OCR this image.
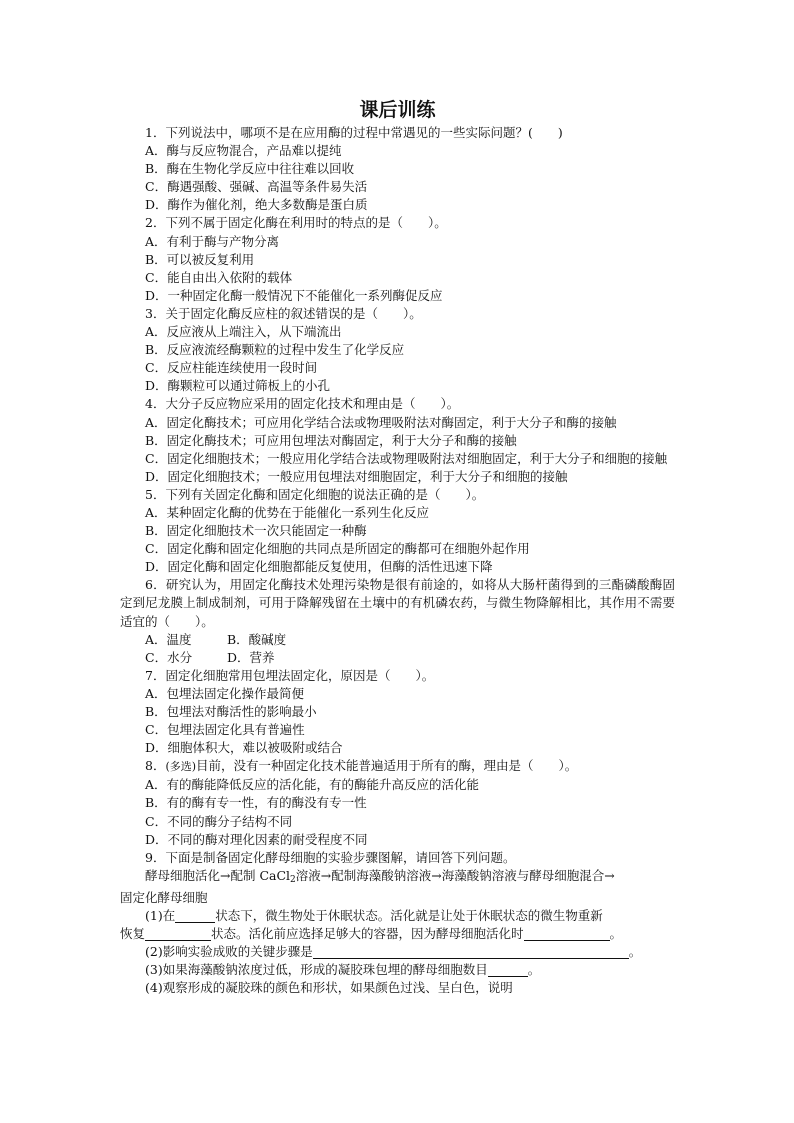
课后训练
1．下列说法中，哪项不是在应用酶的过程中常遇见的一些实际问题？(　　)
A．酶与反应物混合，产品难以提纯
B．酶在生物化学反应中往往难以回收
C．酶遇强酸、强碱、高温等条件易失活
D．酶作为催化剂，绝大多数酶是蛋白质
2．下列不属于固定化酶在利用时的特点的是（　　）。
A．有利于酶与产物分离
B．可以被反复利用
C．能自由出入依附的载体
D．一种固定化酶一般情况下不能催化一系列酶促反应
3．关于固定化酶反应柱的叙述错误的是（　　）。
A．反应液从上端注入，从下端流出
B．反应液流经酶颗粒的过程中发生了化学反应
C．反应柱能连续使用一段时间
D．酶颗粒可以通过筛板上的小孔
4．大分子反应物应采用的固定化技术和理由是（　　）。
A．固定化酶技术；可应用化学结合法或物理吸附法对酶固定，利于大分子和酶的接触
B．固定化酶技术；可应用包埋法对酶固定，利于大分子和酶的接触
C．固定化细胞技术；一般应用化学结合法或物理吸附法对细胞固定，利于大分子和细胞的接触
D．固定化细胞技术；一般应用包埋法对细胞固定，利于大分子和细胞的接触
5．下列有关固定化酶和固定化细胞的说法正确的是（　　）。
A．某种固定化酶的优势在于能催化一系列生化反应
B．固定化细胞技术一次只能固定一种酶
C．固定化酶和固定化细胞的共同点是所固定的酶都可在细胞外起作用
D．固定化酶和固定化细胞都能反复使用，但酶的活性迅速下降
6．研究认为，用固定化酶技术处理污染物是很有前途的，如将从大肠杆菌得到的三酯磷酸酶固定到尼龙膜上制成制剂，可用于降解残留在土壤中的有机磷农药，与微生物降解相比，其作用不需要适宜的（　　）。
A．温度	B．酸碱度
C．水分	D．营养
7．固定化细胞常用包埋法固定化，原因是（　　）。
A．包埋法固定化操作最简便
B．包埋法对酶活性的影响最小
C．包埋法固定化具有普遍性
D．细胞体积大，难以被吸附或结合
8．(多选)目前，没有一种固定化技术能普遍适用于所有的酶，理由是（　　）。
A．有的酶能降低反应的活化能，有的酶能升高反应的活化能
B．有的酶有专一性，有的酶没有专一性
C．不同的酶分子结构不同
D．不同的酶对理化因素的耐受程度不同
9．下面是制备固定化酵母细胞的实验步骤图解，请回答下列问题。
酵母细胞活化→配制 CaCl$_2$溶液→配制海藻酸钠溶液→海藻酸钠溶液与酵母细胞混合→
固定化酵母细胞
(1)在	状态下，微生物处于休眠状态。活化就是让处于休眠状态的微生物重新
恢复	状态。活化前应选择足够大的容器，因为酵母细胞活化时	。
(2)影响实验成败的关键步骤是	。
(3)如果海藻酸钠浓度过低，形成的凝胶珠包埋的酵母细胞数目	。
(4)观察形成的凝胶珠的颜色和形状，如果颜色过浅、呈白色，说明
